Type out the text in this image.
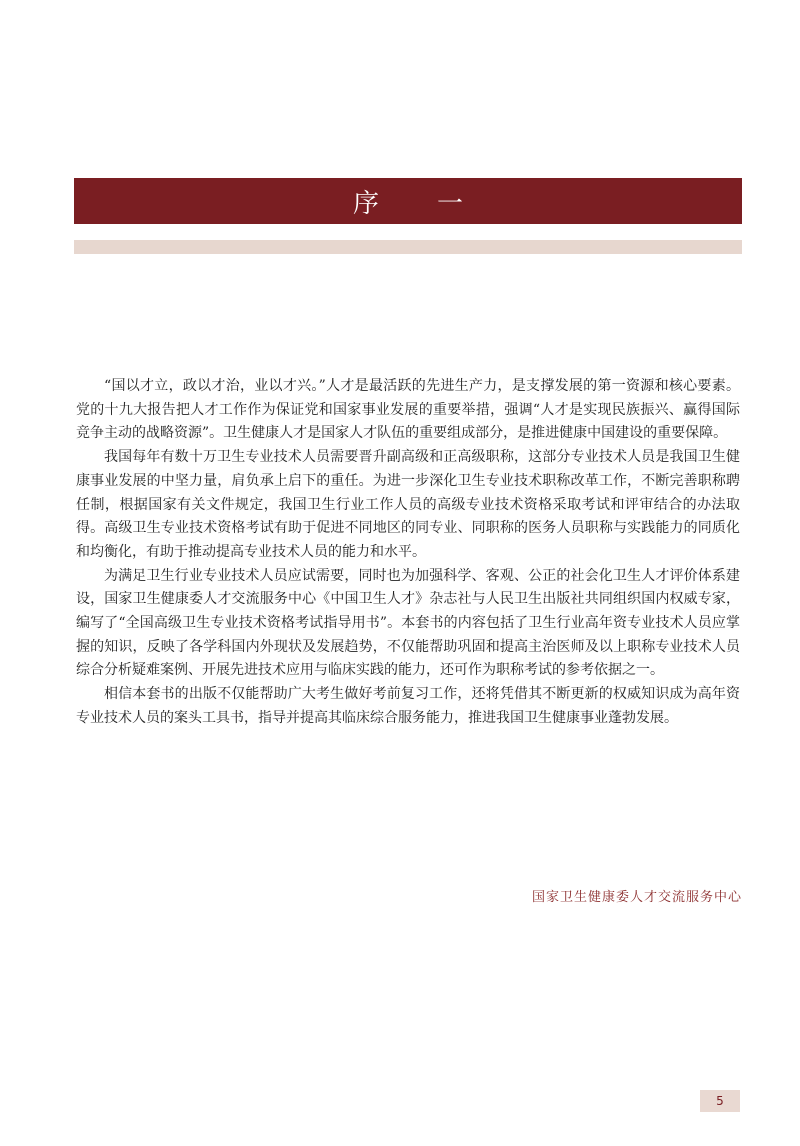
序一

“国以才立，政以才治，业以才兴。”人才是最活跃的先进生产力，是支撑发展的第一资源和核心要素。党的十九大报告把人才工作作为保证党和国家事业发展的重要举措，强调“人才是实现民族振兴、赢得国际竞争主动的战略资源”。卫生健康人才是国家人才队伍的重要组成部分，是推进健康中国建设的重要保障。

我国每年有数十万卫生专业技术人员需要晋升副高级和正高级职称，这部分专业技术人员是我国卫生健康事业发展的中坚力量，肩负承上启下的重任。为进一步深化卫生专业技术职称改革工作，不断完善职称聘任制，根据国家有关文件规定，我国卫生行业工作人员的高级专业技术资格采取考试和评审结合的办法取得。高级卫生专业技术资格考试有助于促进不同地区的同专业、同职称的医务人员职称与实践能力的同质化和均衡化，有助于推动提高专业技术人员的能力和水平。

为满足卫生行业专业技术人员应试需要，同时也为加强科学、客观、公正的社会化卫生人才评价体系建设，国家卫生健康委人才交流服务中心《中国卫生人才》杂志社与人民卫生出版社共同组织国内权威专家，编写了“全国高级卫生专业技术资格考试指导用书”。本套书的内容包括了卫生行业高年资专业技术人员应掌握的知识，反映了各学科国内外现状及发展趋势，不仅能帮助巩固和提高主治医师及以上职称专业技术人员综合分析疑难案例、开展先进技术应用与临床实践的能力，还可作为职称考试的参考依据之一。

相信本套书的出版不仅能帮助广大考生做好考前复习工作，还将凭借其不断更新的权威知识成为高年资专业技术人员的案头工具书，指导并提高其临床综合服务能力，推进我国卫生健康事业蓬勃发展。

国家卫生健康委人才交流服务中心
5
